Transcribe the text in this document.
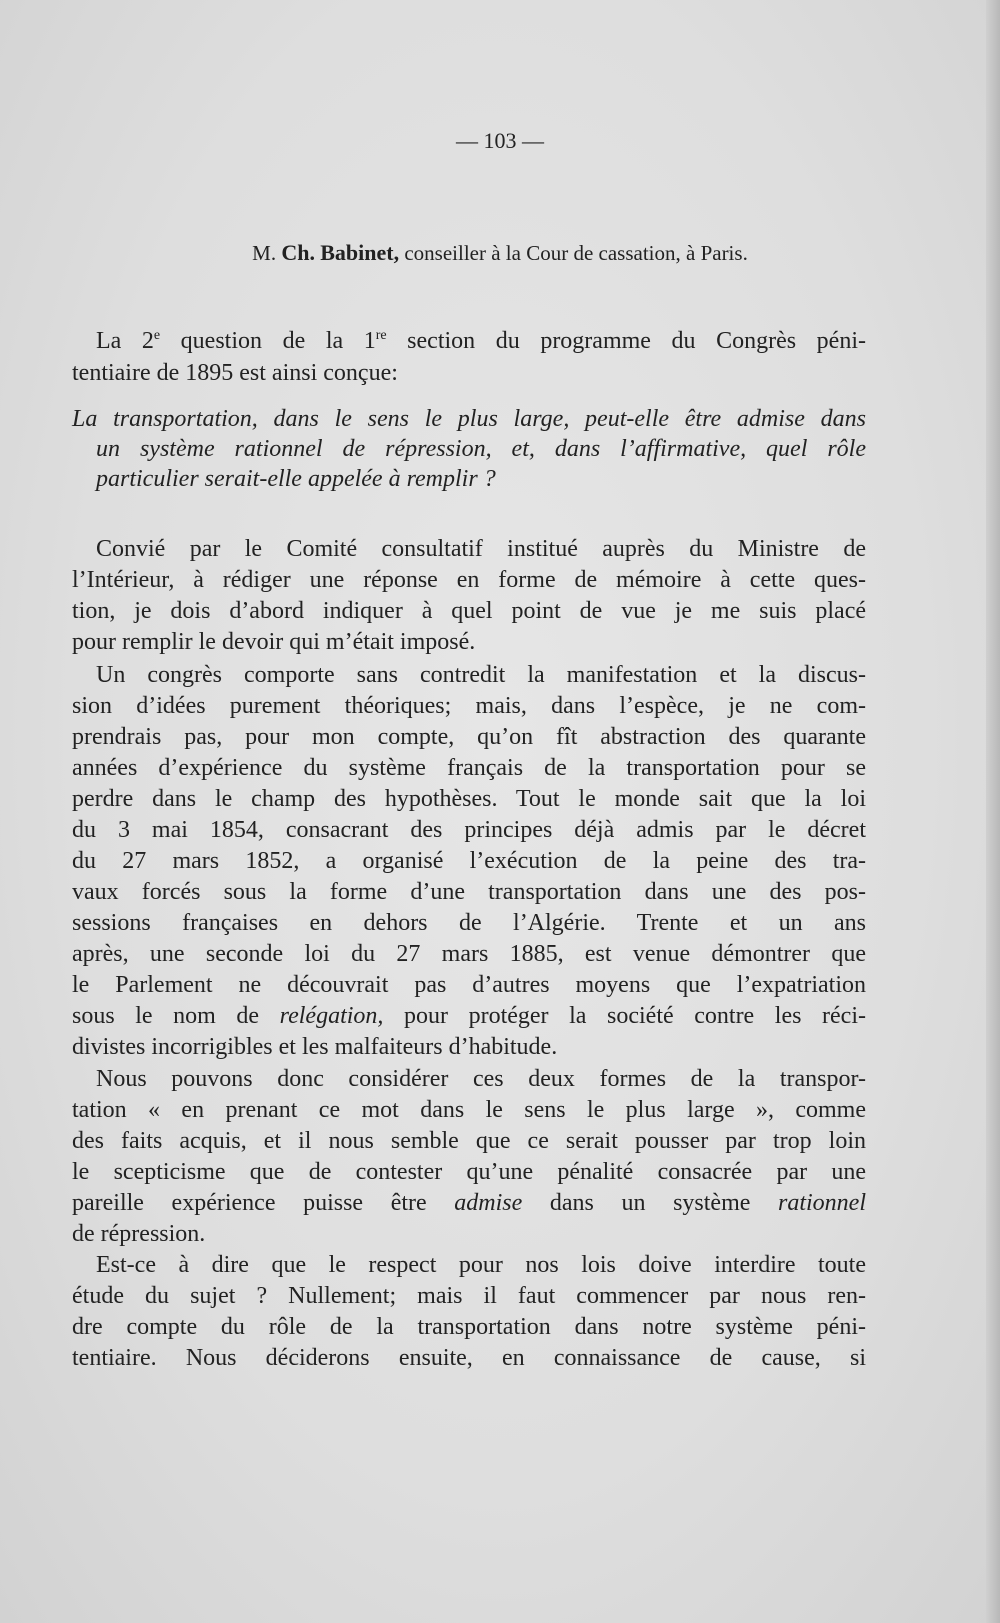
— 103 —
M. Ch. Babinet, conseiller à la Cour de cassation, à Paris.
La 2e question de la 1re section du programme du Congrès péni-
tentiaire de 1895 est ainsi conçue:
La transportation, dans le sens le plus large, peut-elle être admise dans
un système rationnel de répression, et, dans l’affirmative, quel rôle
particulier serait-elle appelée à remplir ?
Convié par le Comité consultatif institué auprès du Ministre de
l’Intérieur, à rédiger une réponse en forme de mémoire à cette ques-
tion, je dois d’abord indiquer à quel point de vue je me suis placé
pour remplir le devoir qui m’était imposé.
Un congrès comporte sans contredit la manifestation et la discus-
sion d’idées purement théoriques; mais, dans l’espèce, je ne com-
prendrais pas, pour mon compte, qu’on fît abstraction des quarante
années d’expérience du système français de la transportation pour se
perdre dans le champ des hypothèses. Tout le monde sait que la loi
du 3 mai 1854, consacrant des principes déjà admis par le décret
du 27 mars 1852, a organisé l’exécution de la peine des tra-
vaux forcés sous la forme d’une transportation dans une des pos-
sessions françaises en dehors de l’Algérie. Trente et un ans
après, une seconde loi du 27 mars 1885, est venue démontrer que
le Parlement ne découvrait pas d’autres moyens que l’expatriation
sous le nom de relégation, pour protéger la société contre les réci-
divistes incorrigibles et les malfaiteurs d’habitude.
Nous pouvons donc considérer ces deux formes de la transpor-
tation « en prenant ce mot dans le sens le plus large », comme
des faits acquis, et il nous semble que ce serait pousser par trop loin
le scepticisme que de contester qu’une pénalité consacrée par une
pareille expérience puisse être admise dans un système rationnel
de répression.
Est-ce à dire que le respect pour nos lois doive interdire toute
étude du sujet ? Nullement; mais il faut commencer par nous ren-
dre compte du rôle de la transportation dans notre système péni-
tentiaire. Nous déciderons ensuite, en connaissance de cause, si
